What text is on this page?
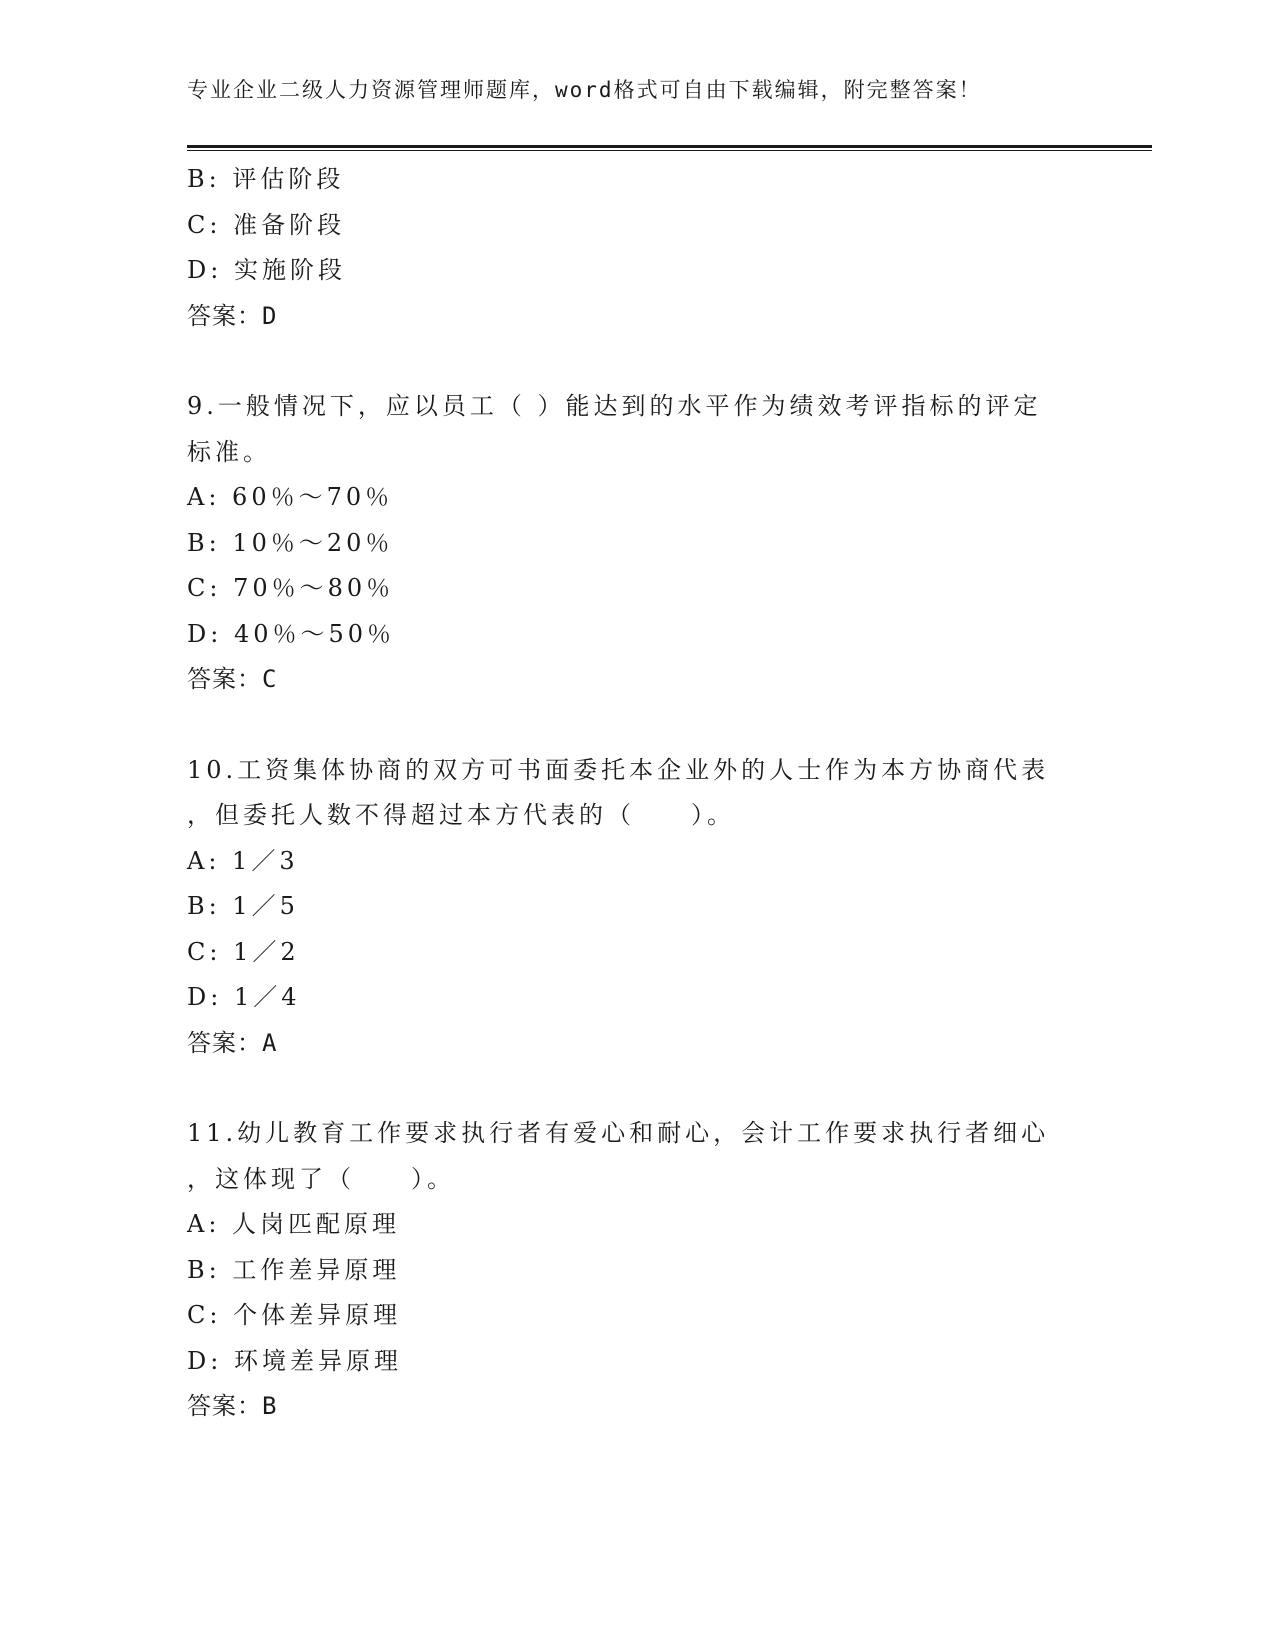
专业企业二级人力资源管理师题库，word格式可自由下载编辑，附完整答案！
B: 评估阶段
C: 准备阶段
D: 实施阶段
答案：D
9.一般情况下，应以员工（ ）能达到的水平作为绩效考评指标的评定
标准。
A: 60％～70％
B: 10％～20％
C: 70％～80％
D: 40％～50％
答案：C
10.工资集体协商的双方可书面委托本企业外的人士作为本方协商代表
，但委托人数不得超过本方代表的（　　）。
A: 1／3
B: 1／5
C: 1／2
D: 1／4
答案：A
11.幼儿教育工作要求执行者有爱心和耐心，会计工作要求执行者细心
，这体现了（　　）。
A: 人岗匹配原理
B: 工作差异原理
C: 个体差异原理
D: 环境差异原理
答案：B
